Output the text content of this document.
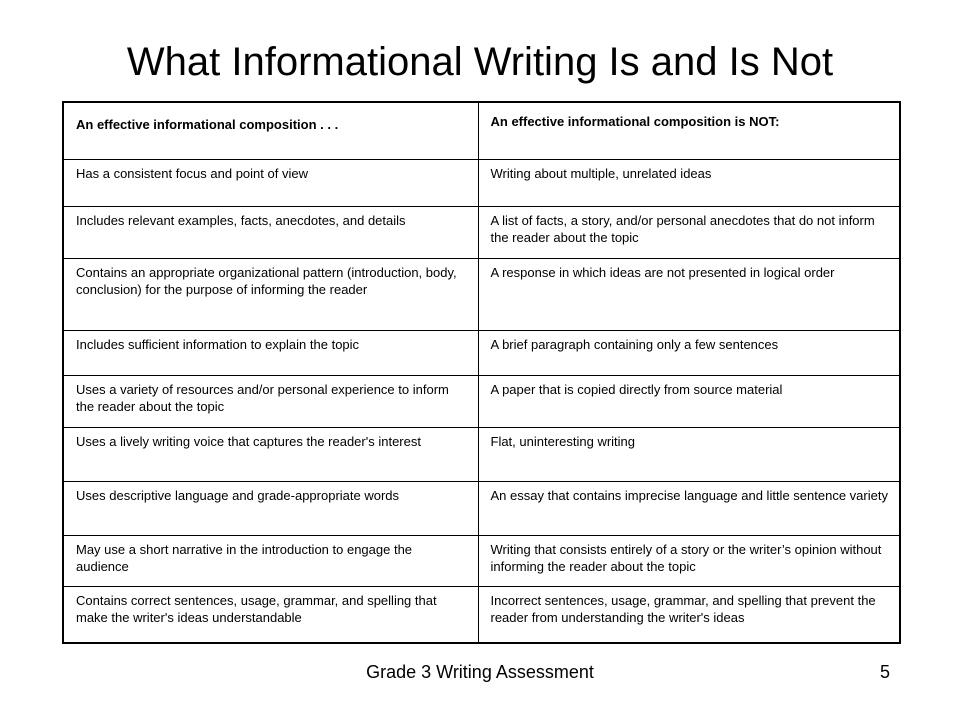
What Informational Writing Is and Is Not
An effective informational composition . . .	An effective informational composition is NOT:
Has a consistent focus and point of view	Writing about multiple, unrelated ideas
Includes relevant examples, facts, anecdotes, and details	A list of facts, a story, and/or personal anecdotes that do not inform the reader about the topic
Contains an appropriate organizational pattern (introduction, body, conclusion) for the purpose of informing the reader	A response in which ideas are not presented in logical order
Includes sufficient information to explain the topic	A brief paragraph containing only a few sentences
Uses a variety of resources and/or personal experience to inform the reader about the topic	A paper that is copied directly from source material
Uses a lively writing voice that captures the reader's interest	Flat, uninteresting writing
Uses descriptive language and grade-appropriate words	An essay that contains imprecise language and little sentence variety
May use a short narrative in the introduction to engage the audience	Writing that consists entirely of a story or the writer’s opinion without informing the reader about the topic
Contains correct sentences, usage, grammar, and spelling that make the writer's ideas understandable	Incorrect sentences, usage, grammar, and spelling that prevent the reader from understanding the writer's ideas
Grade 3 Writing Assessment	5
